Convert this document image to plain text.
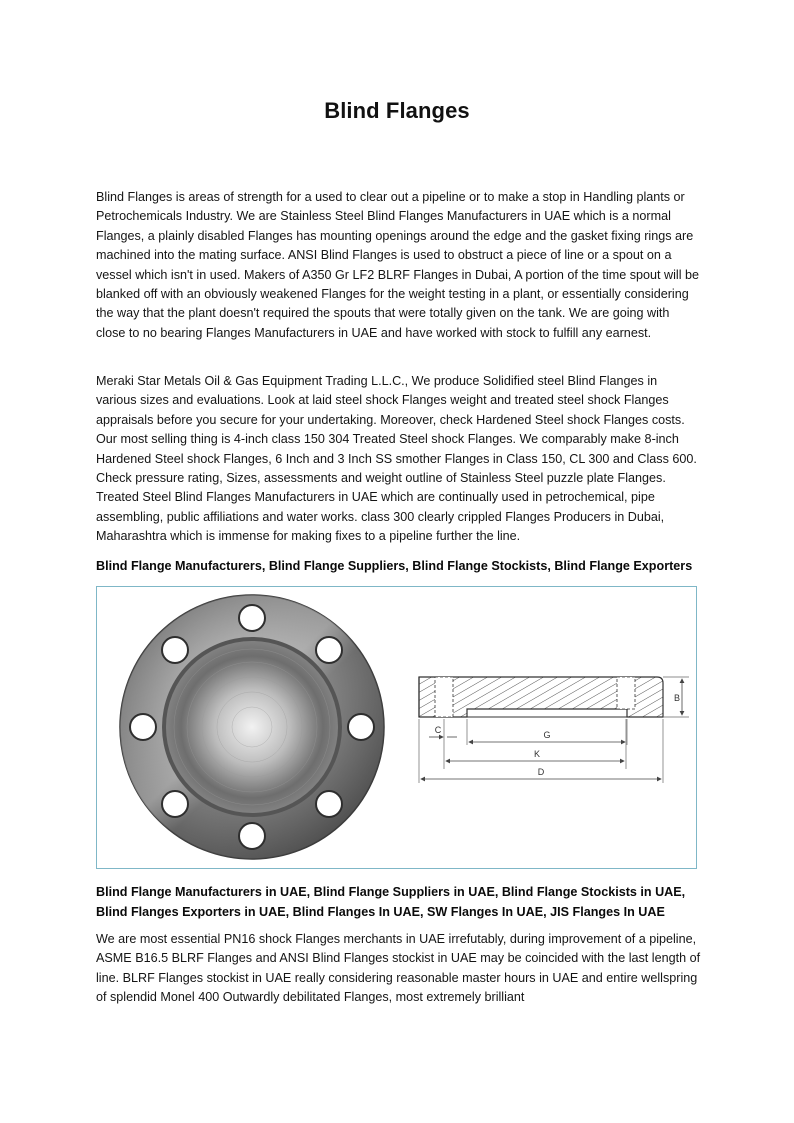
Blind Flanges

Blind Flanges is areas of strength for a used to clear out a pipeline or to make a stop in Handling plants or Petrochemicals Industry. We are Stainless Steel Blind Flanges Manufacturers in UAE which is a normal Flanges, a plainly disabled Flanges has mounting openings around the edge and the gasket fixing rings are machined into the mating surface. ANSI Blind Flanges is used to obstruct a piece of line or a spout on a vessel which isn't in used. Makers of A350 Gr LF2 BLRF Flanges in Dubai, A portion of the time spout will be blanked off with an obviously weakened Flanges for the weight testing in a plant, or essentially considering the way that the plant doesn't required the spouts that were totally given on the tank. We are going with close to no bearing Flanges Manufacturers in UAE and have worked with stock to fulfill any earnest.

Meraki Star Metals Oil & Gas Equipment Trading L.L.C., We produce Solidified steel Blind Flanges in various sizes and evaluations. Look at laid steel shock Flanges weight and treated steel shock Flanges appraisals before you secure for your undertaking. Moreover, check Hardened Steel shock Flanges costs. Our most selling thing is 4-inch class 150 304 Treated Steel shock Flanges. We comparably make 8-inch Hardened Steel shock Flanges, 6 Inch and 3 Inch SS smother Flanges in Class 150, CL 300 and Class 600. Check pressure rating, Sizes, assessments and weight outline of Stainless Steel puzzle plate Flanges. Treated Steel Blind Flanges Manufacturers in UAE which are continually used in petrochemical, pipe assembling, public affiliations and water works. class 300 clearly crippled Flanges Producers in Dubai, Maharashtra which is immense for making fixes to a pipeline further the line.

Blind Flange Manufacturers, Blind Flange Suppliers, Blind Flange Stockists, Blind Flange Exporters
G
K
D
B
C
Blind Flange Manufacturers in UAE, Blind Flange Suppliers in UAE, Blind Flange Stockists in UAE, Blind Flanges Exporters in UAE, Blind Flanges In UAE, SW Flanges In UAE, JIS Flanges In UAE

We are most essential PN16 shock Flanges merchants in UAE irrefutably, during improvement of a pipeline, ASME B16.5 BLRF Flanges and ANSI Blind Flanges stockist in UAE may be coincided with the last length of line. BLRF Flanges stockist in UAE really considering reasonable master hours in UAE and entire wellspring of splendid Monel 400 Outwardly debilitated Flanges, most extremely brilliant
